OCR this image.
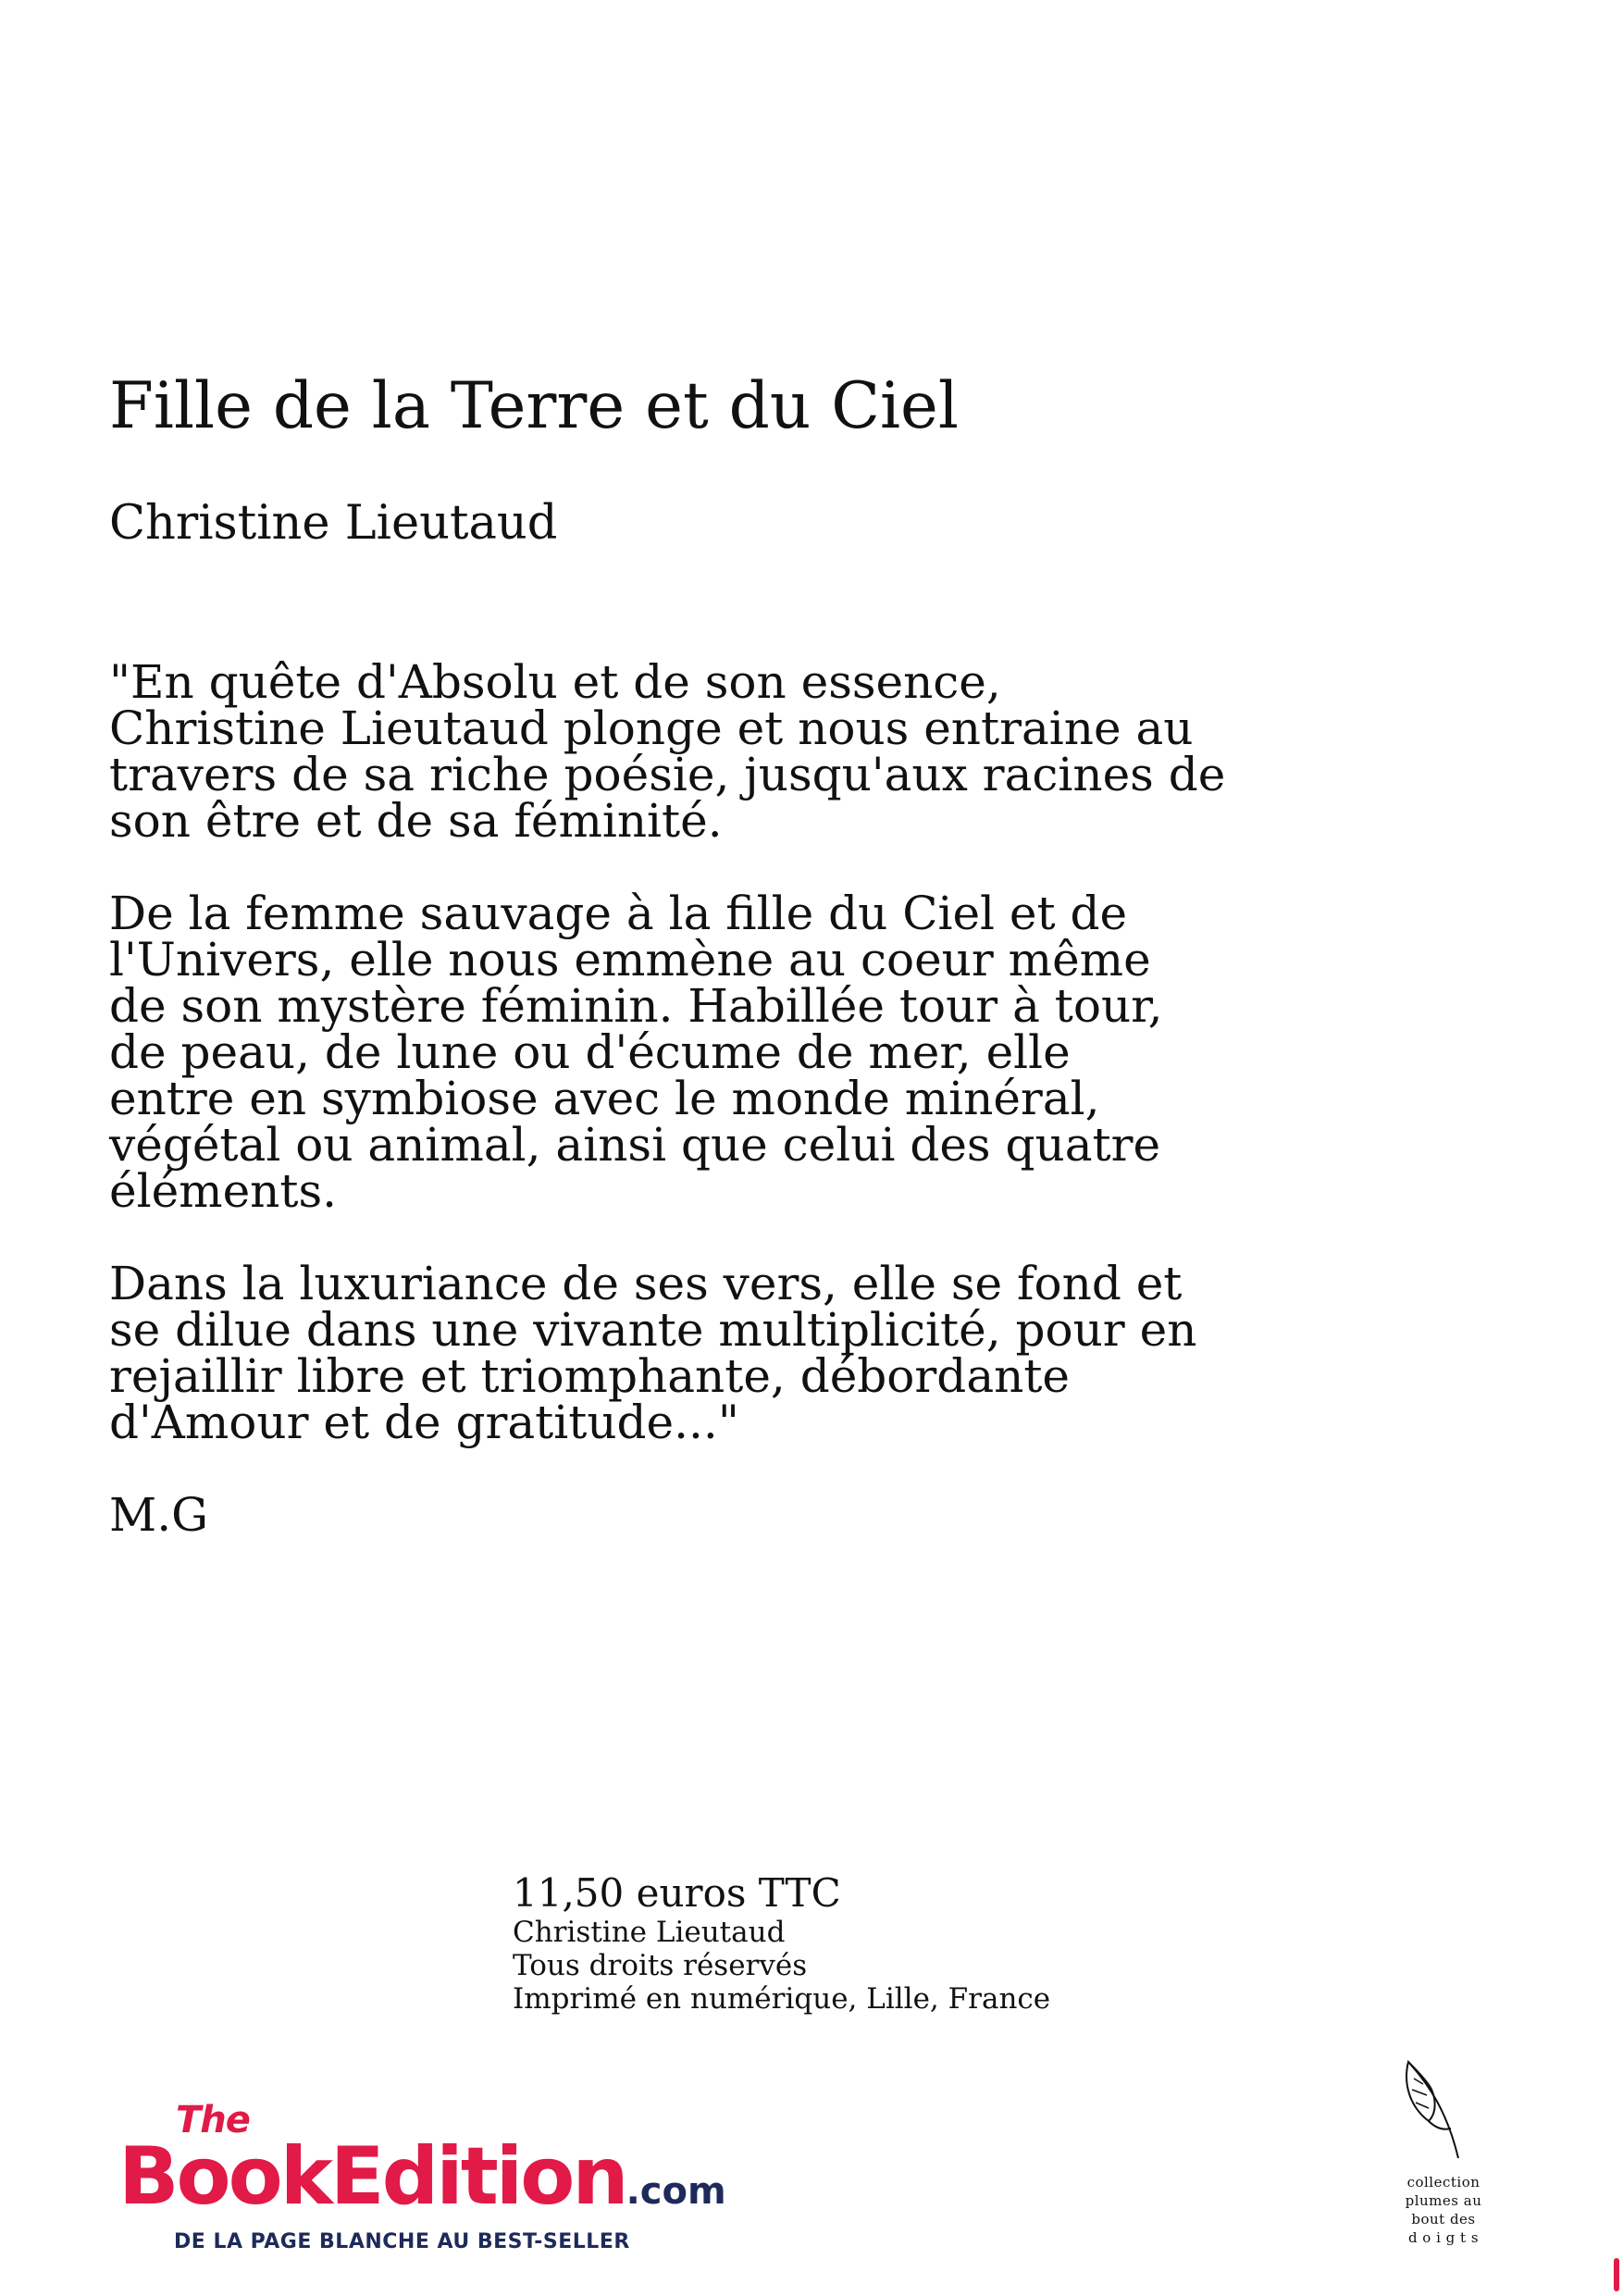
Fille de la Terre et du Ciel
Christine Lieutaud

"En quête d'Absolu et de son essence,
Christine Lieutaud plonge et nous entraine au
travers de sa riche poésie, jusqu'aux racines de
son être et de sa féminité.

De la femme sauvage à la fille du Ciel et de
l'Univers, elle nous emmène au coeur même
de son mystère féminin. Habillée tour à tour,
de peau, de lune ou d'écume de mer, elle
entre en symbiose avec le monde minéral,
végétal ou animal, ainsi que celui des quatre
éléments.

Dans la luxuriance de ses vers, elle se fond et
se dilue dans une vivante multiplicité, pour en
rejaillir libre et triomphante, débordante
d'Amour et de gratitude..."

M.G
11,50 euros TTC
Christine Lieutaud
Tous droits réservés
Imprimé en numérique, Lille, France
The
BookEdition.com
DE LA PAGE BLANCHE AU BEST-SELLER
collection
plumes au
bout des
d o i g t s
